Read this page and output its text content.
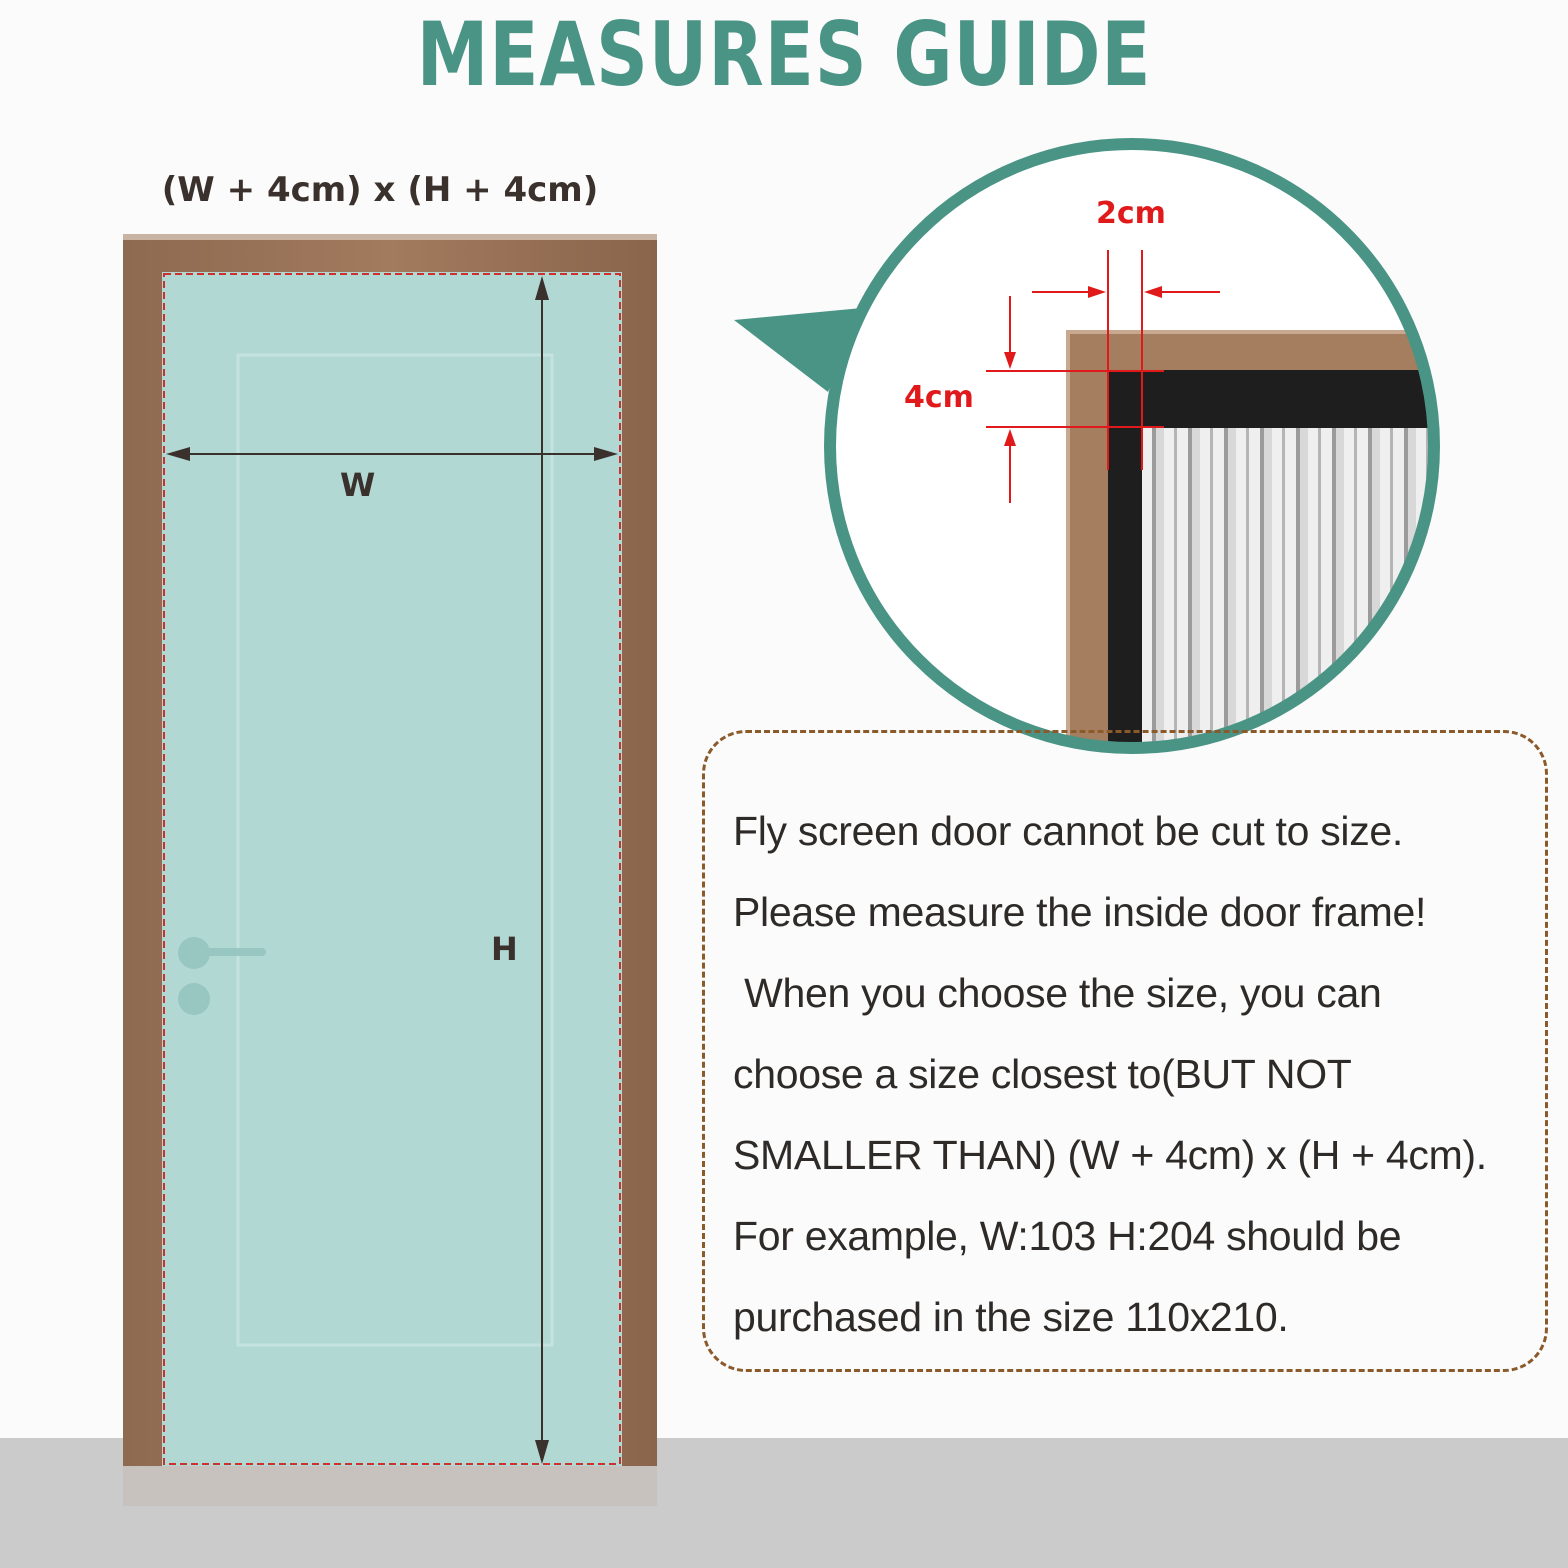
MEASURES GUIDE
(W + 4cm) x (H + 4cm)
W
H
2cm
4cm

Fly screen door cannot be cut to size.

Please measure the inside door frame!

When you choose the size, you can

choose a size closest to(BUT NOT

SMALLER THAN) (W + 4cm) x (H + 4cm).

For example, W:103 H:204 should be

purchased in the size 110x210.
